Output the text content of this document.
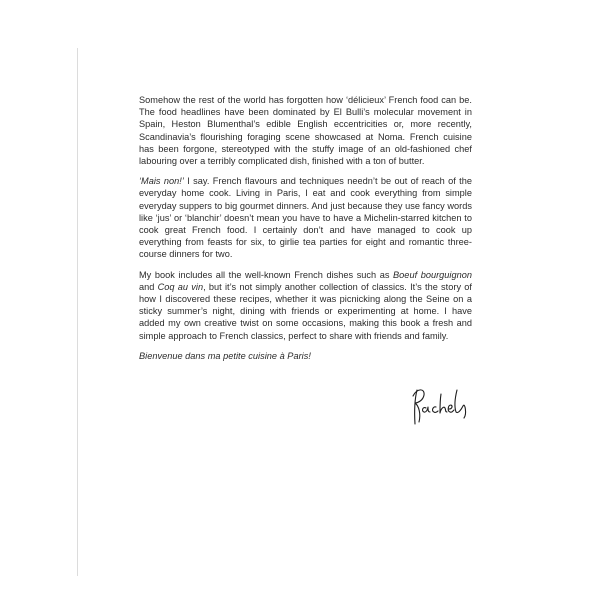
Somehow the rest of the world has forgotten how ‘délicieux’ French food can be. The food headlines have been dominated by El Bulli’s molecular movement in Spain, Heston Blumenthal’s edible English eccentricities or, more recently, Scandinavia’s flourishing foraging scene showcased at Noma. French cuisine has been forgone, stereotyped with the stuffy image of an old-fashioned chef labouring over a terribly complicated dish, finished with a ton of butter.

‘Mais non!’ I say. French flavours and techniques needn’t be out of reach of the everyday home cook. Living in Paris, I eat and cook everything from simple everyday suppers to big gourmet dinners. And just because they use fancy words like ‘jus’ or ‘blanchir’ doesn’t mean you have to have a Michelin-starred kitchen to cook great French food. I certainly don’t and have managed to cook up everything from feasts for six, to girlie tea parties for eight and romantic three-course dinners for two.

My book includes all the well-known French dishes such as Boeuf bourguignon and Coq au vin, but it’s not simply another collection of classics. It’s the story of how I discovered these recipes, whether it was picnicking along the Seine on a sticky summer’s night, dining with friends or experimenting at home. I have added my own creative twist on some occasions, making this book a fresh and simple approach to French classics, perfect to share with friends and family.

Bienvenue dans ma petite cuisine à Paris!
